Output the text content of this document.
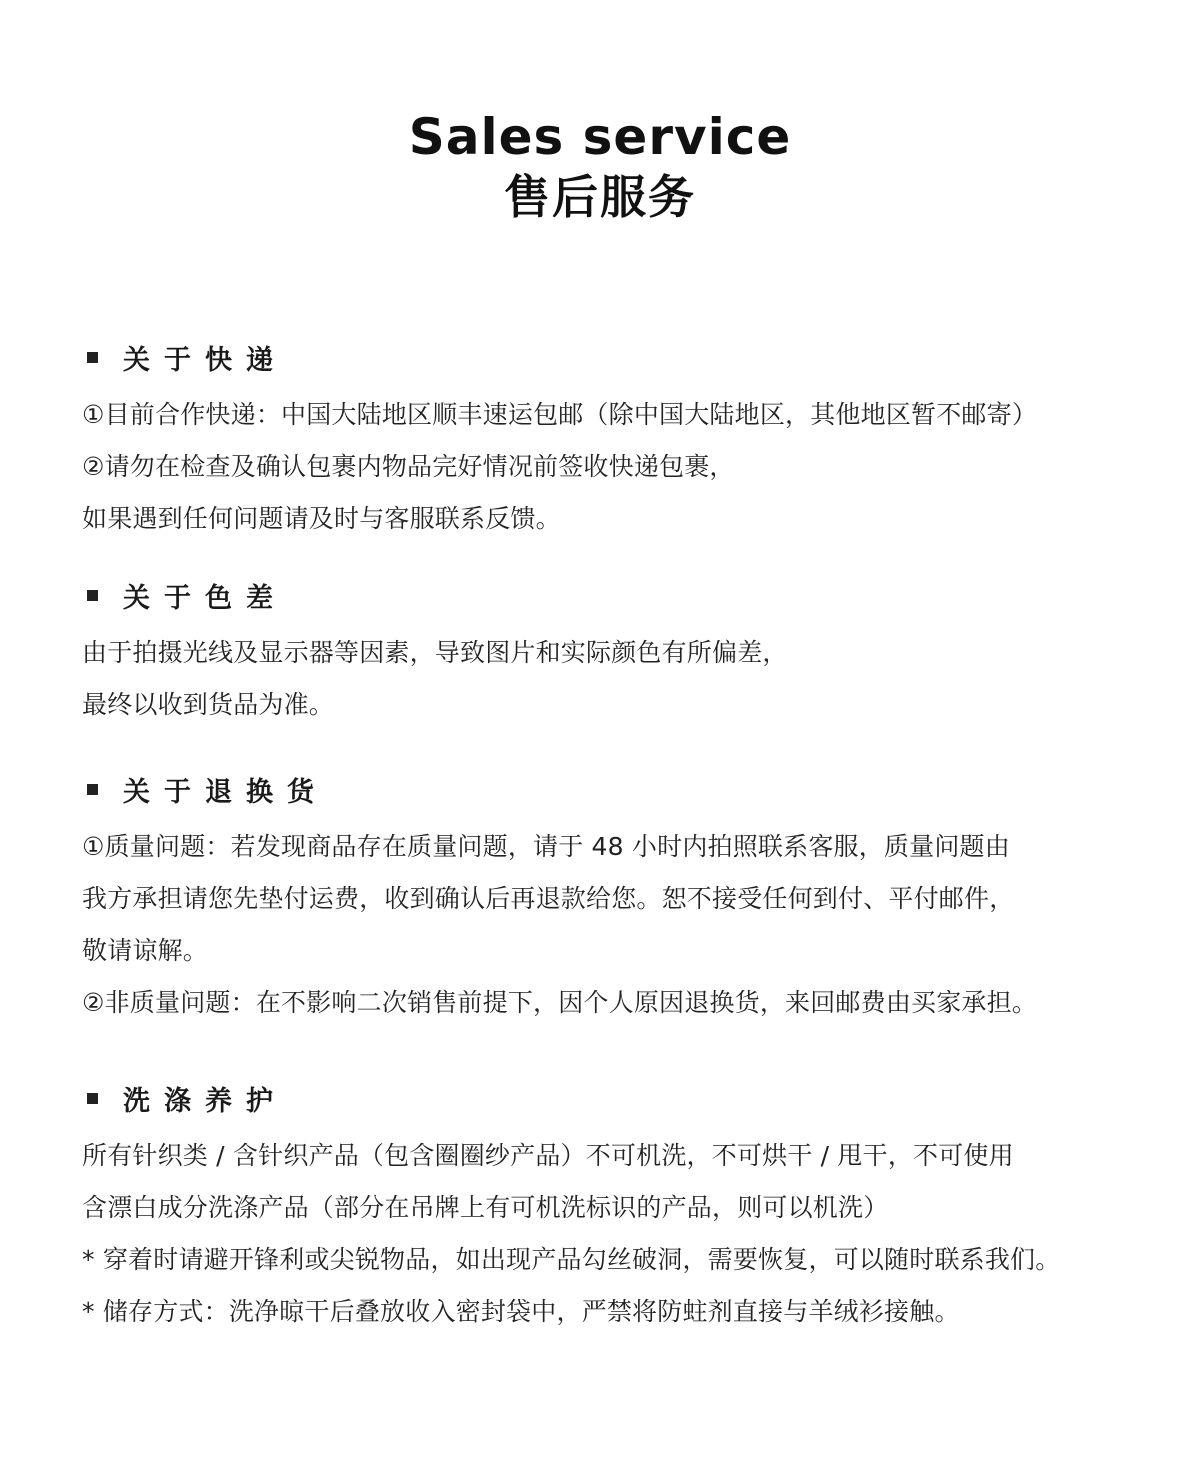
Sales service
售后服务
关于快递
①目前合作快递：中国大陆地区顺丰速运包邮（除中国大陆地区，其他地区暂不邮寄）
②请勿在检查及确认包裹内物品完好情况前签收快递包裹，
如果遇到任何问题请及时与客服联系反馈。
关于色差
由于拍摄光线及显示器等因素，导致图片和实际颜色有所偏差，
最终以收到货品为准。
关于退换货
①质量问题：若发现商品存在质量问题，请于 48 小时内拍照联系客服，质量问题由
我方承担请您先垫付运费，收到确认后再退款给您。恕不接受任何到付、平付邮件，
敬请谅解。
②非质量问题：在不影响二次销售前提下，因个人原因退换货，来回邮费由买家承担。
洗涤养护
所有针织类 / 含针织产品（包含圈圈纱产品）不可机洗，不可烘干 / 甩干，不可使用
含漂白成分洗涤产品（部分在吊牌上有可机洗标识的产品，则可以机洗）
* 穿着时请避开锋利或尖锐物品，如出现产品勾丝破洞，需要恢复，可以随时联系我们。
* 储存方式：洗净晾干后叠放收入密封袋中，严禁将防蛀剂直接与羊绒衫接触。
